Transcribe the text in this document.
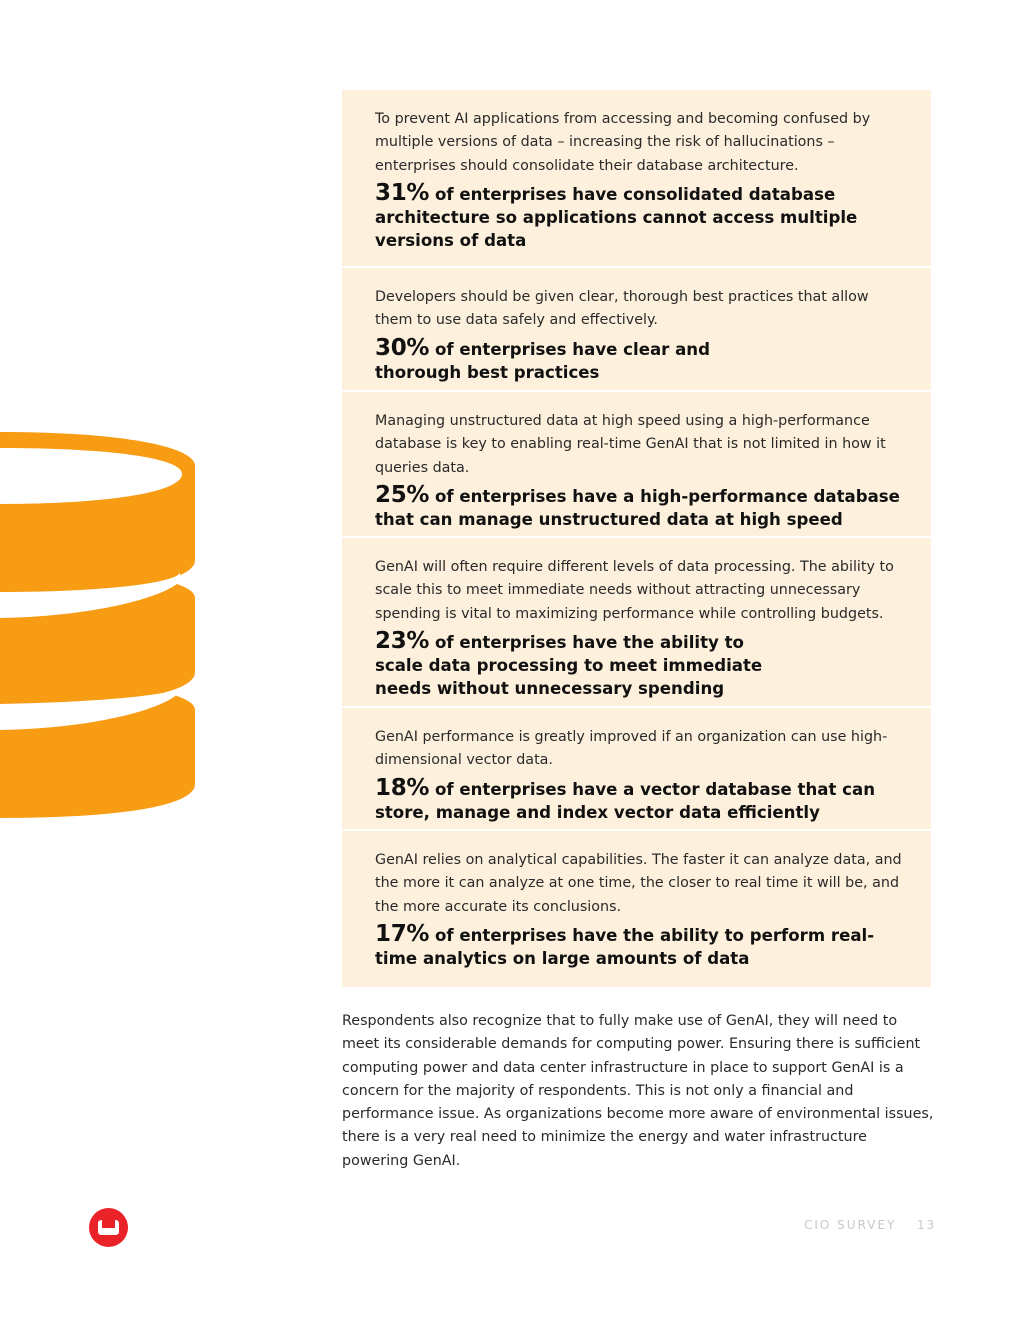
To prevent AI applications from accessing and becoming confused by multiple versions of data – increasing the risk of hallucinations – enterprises should consolidate their database architecture.

31% of enterprises have consolidated database architecture so applications cannot access multiple versions of data

Developers should be given clear, thorough best practices that allow them to use data safely and effectively.

30% of enterprises have clear and thorough best practices

Managing unstructured data at high speed using a high-performance database is key to enabling real-time GenAI that is not limited in how it queries data.

25% of enterprises have a high-performance database that can manage unstructured data at high speed

GenAI will often require different levels of data processing. The ability to scale this to meet immediate needs without attracting unnecessary spending is vital to maximizing performance while controlling budgets.

23% of enterprises have the ability to scale data processing to meet immediate needs without unnecessary spending

GenAI performance is greatly improved if an organization can use high-dimensional vector data.

18% of enterprises have a vector database that can store, manage and index vector data efficiently

GenAI relies on analytical capabilities. The faster it can analyze data, and the more it can analyze at one time, the closer to real time it will be, and the more accurate its conclusions.

17% of enterprises have the ability to perform real-time analytics on large amounts of data

Respondents also recognize that to fully make use of GenAI, they will need to meet its considerable demands for computing power. Ensuring there is sufficient computing power and data center infrastructure in place to support GenAI is a concern for the majority of respondents. This is not only a financial and performance issue. As organizations become more aware of environmental issues, there is a very real need to minimize the energy and water infrastructure powering GenAI.

CIO SURVEY 13
